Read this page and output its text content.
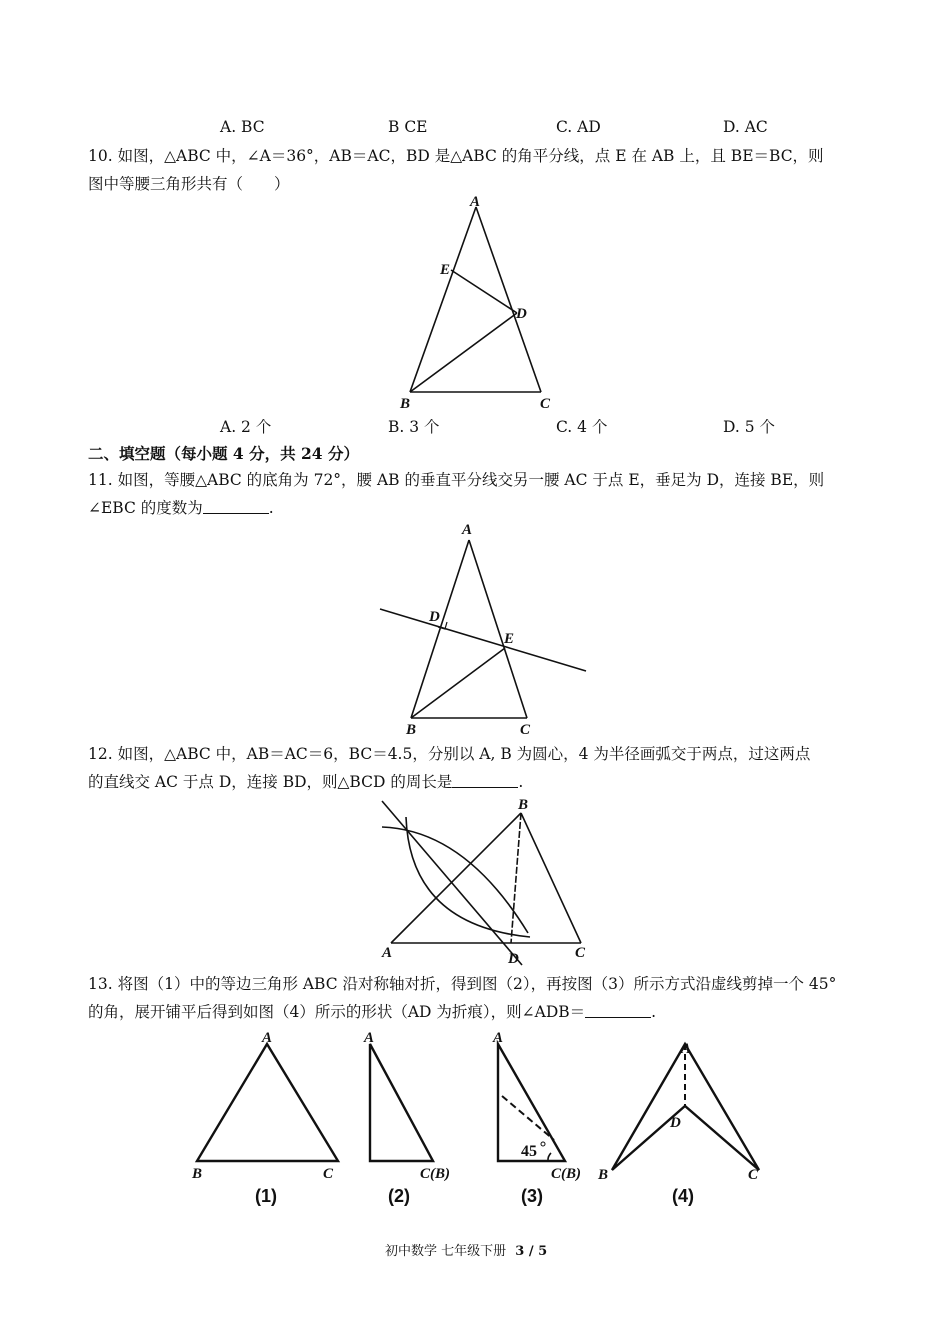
A. BC	B CE	C. AD	D. AC
10. 如图，△ABC 中，∠A＝36°，AB＝AC，BD 是△ABC 的角平分线，点 E 在 AB 上，且 BE＝BC，则
图中等腰三角形共有（　　）
A
E
D
B	C
A. 2 个	B. 3 个	C. 4 个	D. 5 个
二、填空题（每小题 4 分，共 24 分）
11. 如图，等腰△ABC 的底角为 72°，腰 AB 的垂直平分线交另一腰 AC 于点 E，垂足为 D，连接 BE，则
∠EBC 的度数为	.
A
D
E
B	C
12. 如图，△ABC 中，AB＝AC＝6，BC＝4.5，分别以 A, B 为圆心，4 为半径画弧交于两点，过这两点
的直线交 AC 于点 D，连接 BD，则△BCD 的周长是	.
B
A	D	C
13. 将图（1）中的等边三角形 ABC 沿对称轴对折，得到图（2），再按图（3）所示方式沿虚线剪掉一个 45°
的角，展开铺平后得到如图（4）所示的形状（AD 为折痕），则∠ADB＝	.
A
B	C
(1)
A
C(B)
(2)
A
45
C(B)
(3)
A
D
B	C
(4)
初中数学 七年级下册 3 / 5
